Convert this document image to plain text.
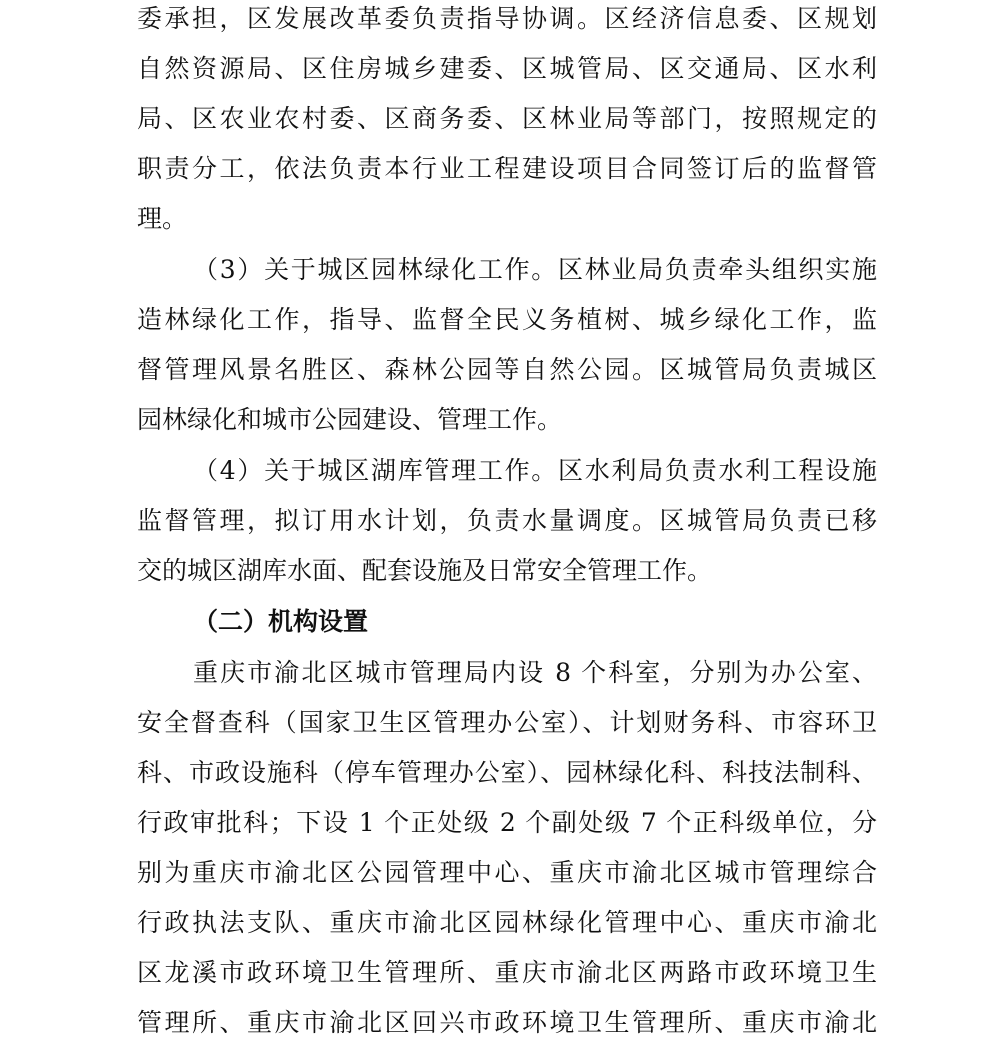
委承担，区发展改革委负责指导协调。区经济信息委、区规划
自然资源局、区住房城乡建委、区城管局、区交通局、区水利
局、区农业农村委、区商务委、区林业局等部门，按照规定的
职责分工，依法负责本行业工程建设项目合同签订后的监督管
理。
（3）关于城区园林绿化工作。区林业局负责牵头组织实施
造林绿化工作，指导、监督全民义务植树、城乡绿化工作，监
督管理风景名胜区、森林公园等自然公园。区城管局负责城区
园林绿化和城市公园建设、管理工作。
（4）关于城区湖库管理工作。区水利局负责水利工程设施
监督管理，拟订用水计划，负责水量调度。区城管局负责已移
交的城区湖库水面、配套设施及日常安全管理工作。
（二）机构设置
重庆市渝北区城市管理局内设 8 个科室，分别为办公室、
安全督查科（国家卫生区管理办公室）、计划财务科、市容环卫
科、市政设施科（停车管理办公室）、园林绿化科、科技法制科、
行政审批科；下设 1 个正处级 2 个副处级 7 个正科级单位，分
别为重庆市渝北区公园管理中心、重庆市渝北区城市管理综合
行政执法支队、重庆市渝北区园林绿化管理中心、重庆市渝北
区龙溪市政环境卫生管理所、重庆市渝北区两路市政环境卫生
管理所、重庆市渝北区回兴市政环境卫生管理所、重庆市渝北
